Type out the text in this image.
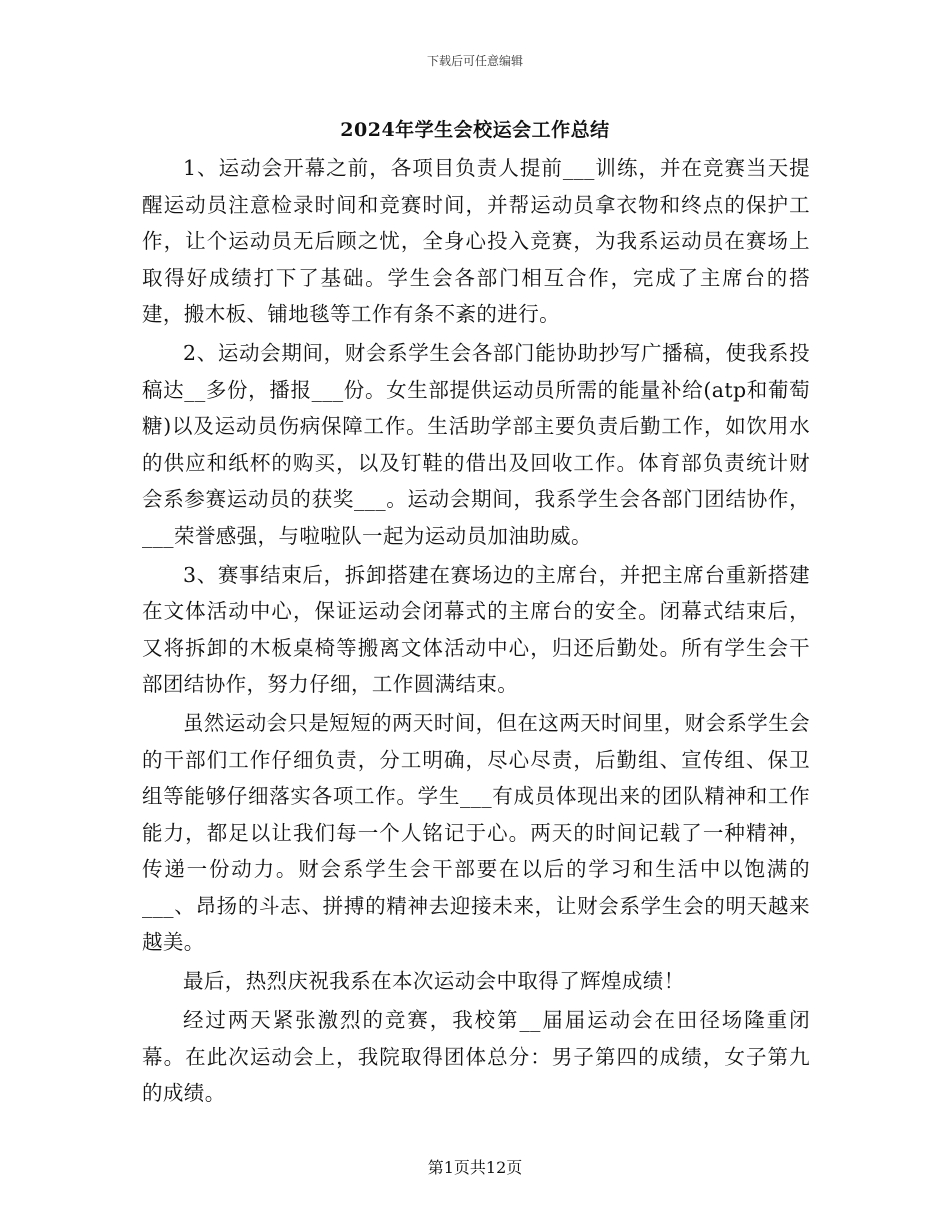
下载后可任意编辑
2024年学生会校运会工作总结

1、运动会开幕之前，各项目负责人提前___训练，并在竞赛当天提醒运动员注意检录时间和竞赛时间，并帮运动员拿衣物和终点的保护工作，让个运动员无后顾之忧，全身心投入竞赛，为我系运动员在赛场上取得好成绩打下了基础。学生会各部门相互合作，完成了主席台的搭建，搬木板、铺地毯等工作有条不紊的进行。

2、运动会期间，财会系学生会各部门能协助抄写广播稿，使我系投稿达__多份，播报___份。女生部提供运动员所需的能量补给(atp和葡萄糖)以及运动员伤病保障工作。生活助学部主要负责后勤工作，如饮用水的供应和纸杯的购买，以及钉鞋的借出及回收工作。体育部负责统计财会系参赛运动员的获奖___。运动会期间，我系学生会各部门团结协作，___荣誉感强，与啦啦队一起为运动员加油助威。

3、赛事结束后，拆卸搭建在赛场边的主席台，并把主席台重新搭建在文体活动中心，保证运动会闭幕式的主席台的安全。闭幕式结束后，又将拆卸的木板桌椅等搬离文体活动中心，归还后勤处。所有学生会干部团结协作，努力仔细，工作圆满结束。

虽然运动会只是短短的两天时间，但在这两天时间里，财会系学生会的干部们工作仔细负责，分工明确，尽心尽责，后勤组、宣传组、保卫组等能够仔细落实各项工作。学生___有成员体现出来的团队精神和工作能力，都足以让我们每一个人铭记于心。两天的时间记载了一种精神，传递一份动力。财会系学生会干部要在以后的学习和生活中以饱满的___、昂扬的斗志、拼搏的精神去迎接未来，让财会系学生会的明天越来越美。

最后，热烈庆祝我系在本次运动会中取得了辉煌成绩！

经过两天紧张激烈的竞赛，我校第__届届运动会在田径场隆重闭幕。在此次运动会上，我院取得团体总分：男子第四的成绩，女子第九的成绩。

第1页共12页
